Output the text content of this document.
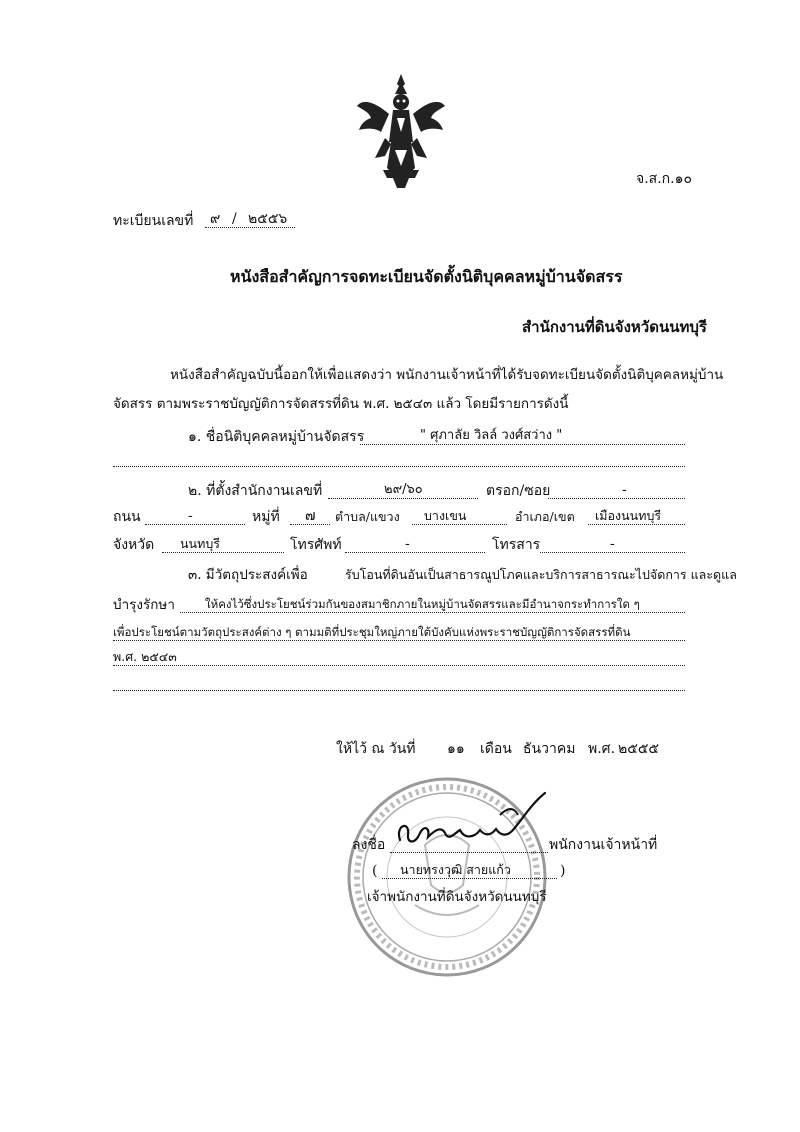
จ.ส.ก.๑๐
ทะเบียนเลขที่ ๙ / ๒๕๕๖
หนังสือสำคัญการจดทะเบียนจัดตั้งนิติบุคคลหมู่บ้านจัดสรร
สำนักงานที่ดินจังหวัดนนทบุรี
หนังสือสำคัญฉบับนี้ออกให้เพื่อแสดงว่า พนักงานเจ้าหน้าที่ได้รับจดทะเบียนจัดตั้งนิติบุคคลหมู่บ้าน
จัดสรร ตามพระราชบัญญัติการจัดสรรที่ดิน พ.ศ. ๒๕๔๓ แล้ว โดยมีรายการดังนี้
๑. ชื่อนิติบุคคลหมู่บ้านจัดสรร	" ศุภาลัย วิลล์ วงศ์สว่าง "
๒. ที่ตั้งสำนักงานเลขที่	๒๙/๖๐	ตรอก/ซอย	-
ถนน	-	หมู่ที่ ๗ ตำบล/แขวง บางเขน	อำเภอ/เขต เมืองนนทบุรี
จังหวัด นนทบุรี	โทรศัพท์	-	โทรสาร	-
๓. มีวัตถุประสงค์เพื่อ	รับโอนที่ดินอันเป็นสาธารณูปโภคและบริการสาธารณะไปจัดการ และดูแล
บำรุงรักษา	ให้คงไว้ซึ่งประโยชน์ร่วมกันของสมาชิกภายในหมู่บ้านจัดสรรและมีอำนาจกระทำการใด ๆ
เพื่อประโยชน์ตามวัตถุประสงค์ต่าง ๆ ตามมติที่ประชุมใหญ่ภายใต้บังคับแห่งพระราชบัญญัติการจัดสรรที่ดิน
พ.ศ. ๒๕๔๓
ให้ไว้ ณ วันที่ ๑๑ เดือน ธันวาคม พ.ศ. ๒๕๕๕
ลงชื่อ	พนักงานเจ้าหน้าที่
( นายทรงวุฒิ สายแก้ว	)
เจ้าพนักงานที่ดินจังหวัดนนทบุรี
